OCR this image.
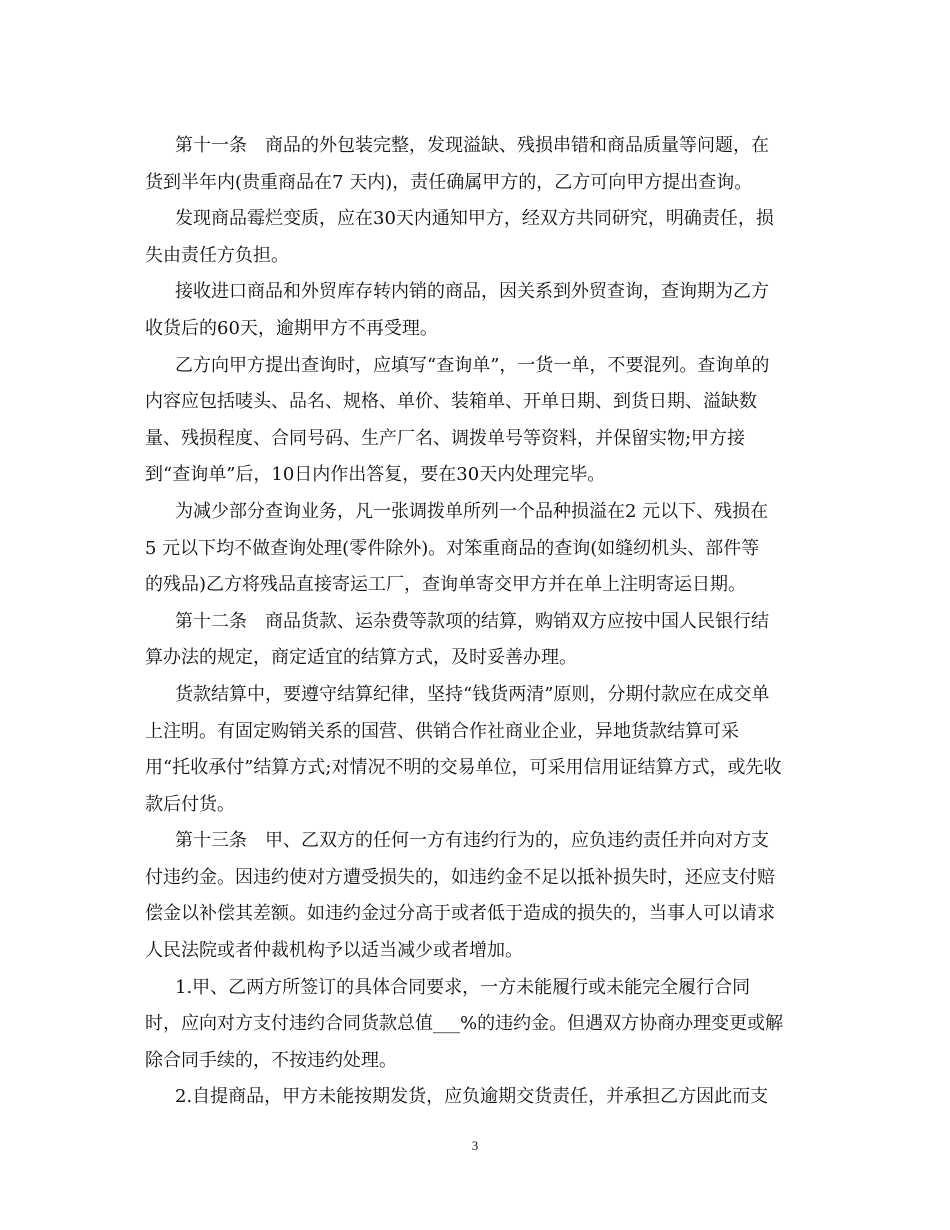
第十一条　商品的外包装完整，发现溢缺、残损串错和商品质量等问题，在
货到半年内(贵重商品在7 天内)，责任确属甲方的，乙方可向甲方提出查询。
发现商品霉烂变质，应在30天内通知甲方，经双方共同研究，明确责任，损
失由责任方负担。
接收进口商品和外贸库存转内销的商品，因关系到外贸查询，查询期为乙方
收货后的60天，逾期甲方不再受理。
乙方向甲方提出查询时，应填写“查询单”，一货一单，不要混列。查询单的
内容应包括唛头、品名、规格、单价、装箱单、开单日期、到货日期、溢缺数
量、残损程度、合同号码、生产厂名、调拨单号等资料，并保留实物;甲方接
到“查询单”后，10日内作出答复，要在30天内处理完毕。
为减少部分查询业务，凡一张调拨单所列一个品种损溢在2 元以下、残损在
5 元以下均不做查询处理(零件除外)。对笨重商品的查询(如缝纫机头、部件等
的残品)乙方将残品直接寄运工厂，查询单寄交甲方并在单上注明寄运日期。
第十二条　商品货款、运杂费等款项的结算，购销双方应按中国人民银行结
算办法的规定，商定适宜的结算方式，及时妥善办理。
货款结算中，要遵守结算纪律，坚持“钱货两清”原则，分期付款应在成交单
上注明。有固定购销关系的国营、供销合作社商业企业，异地货款结算可采
用“托收承付”结算方式;对情况不明的交易单位，可采用信用证结算方式，或先收
款后付货。
第十三条　甲、乙双方的任何一方有违约行为的，应负违约责任并向对方支
付违约金。因违约使对方遭受损失的，如违约金不足以抵补损失时，还应支付赔
偿金以补偿其差额。如违约金过分高于或者低于造成的损失的，当事人可以请求
人民法院或者仲裁机构予以适当减少或者增加。
1.甲、乙两方所签订的具体合同要求，一方未能履行或未能完全履行合同
时，应向对方支付违约合同货款总值___%的违约金。但遇双方协商办理变更或解
除合同手续的，不按违约处理。
2.自提商品，甲方未能按期发货，应负逾期交货责任，并承担乙方因此而支
3
